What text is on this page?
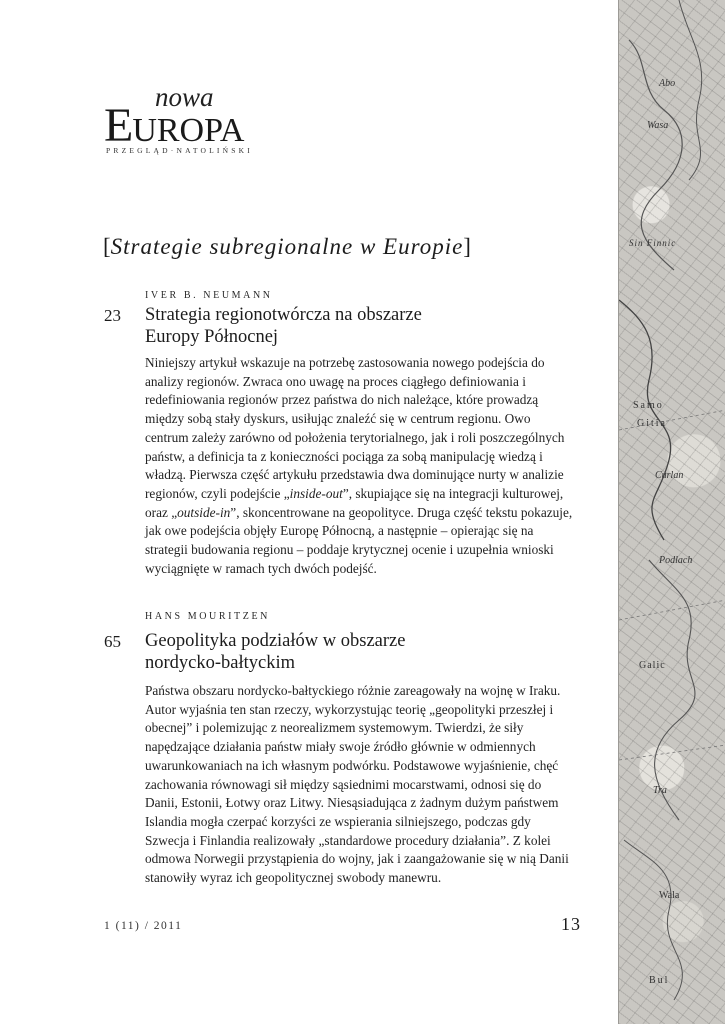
Wasa
Abo
Sin Finnic
Samo
Gitia
Curlan
Podlach
Galic
Tra
Wala
Bul
nowa
EUROPA
PRZEGLĄD·NATOLIŃSKI
[Strategie subregionalne w Europie]
IVER B. NEUMANN
23 Strategia regionotwórcza na obszarze
Europy Północnej

Niniejszy artykuł wskazuje na potrzebę zastosowania nowego podejścia do analizy regionów. Zwraca ono uwagę na proces ciągłego definiowania i redefiniowania regionów przez państwa do nich należące, które prowadzą między sobą stały dyskurs, usiłując znaleźć się w centrum regionu. Owo centrum zależy zarówno od położenia terytorialnego, jak i roli poszczególnych państw, a definicja ta z konieczności pociąga za sobą manipulację wiedzą i władzą. Pierwsza część artykułu przedstawia dwa dominujące nurty w analizie regionów, czyli podejście „inside-out”, skupiające się na integracji kulturowej, oraz „outside-in”, skoncentrowane na geopolityce. Druga część tekstu pokazuje, jak owe podejścia objęły Europę Północną, a następnie – opierając się na strategii budowania regionu – poddaje krytycznej ocenie i uzupełnia wnioski wyciągnięte w ramach tych dwóch podejść.

HANS MOURITZEN
65 Geopolityka podziałów w obszarze
nordycko-bałtyckim

Państwa obszaru nordycko-bałtyckiego różnie zareagowały na wojnę w Iraku. Autor wyjaśnia ten stan rzeczy, wykorzystując teorię „geopolityki przeszłej i obecnej” i polemizując z neorealizmem systemowym. Twierdzi, że siły napędzające działania państw miały swoje źródło głównie w odmiennych uwarunkowaniach na ich własnym podwórku. Podstawowe wyjaśnienie, chęć zachowania równowagi sił między sąsiednimi mocarstwami, odnosi się do Danii, Estonii, Łotwy oraz Litwy. Niesąsiadująca z żadnym dużym państwem Islandia mogła czerpać korzyści ze wspierania silniejszego, podczas gdy Szwecja i Finlandia realizowały „standardowe procedury działania”. Z kolei odmowa Norwegii przystąpienia do wojny, jak i zaangażowanie się w nią Danii stanowiły wyraz ich geopolitycznej swobody manewru.

1 (11) / 2011	13
